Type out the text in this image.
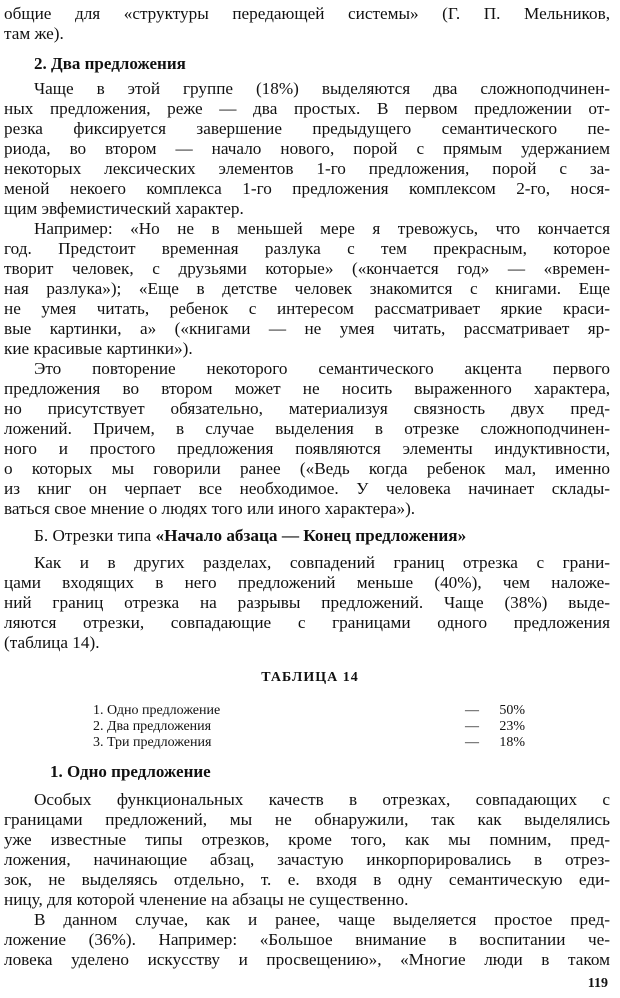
общие для «структуры передающей системы» (Г. П. Мельников,
там же).
2. Два предложения
Чаще в этой группе (18%) выделяются два сложноподчинен-
ных предложения, реже — два простых. В первом предложении от-
резка фиксируется завершение предыдущего семантического пе-
риода, во втором — начало нового, порой с прямым удержанием
некоторых лексических элементов 1-го предложения, порой с за-
меной некоего комплекса 1-го предложения комплексом 2-го, нося-
щим эвфемистический характер.
Например: «Но не в меньшей мере я тревожусь, что кончается
год. Предстоит временная разлука с тем прекрасным, которое
творит человек, с друзьями которые» («кончается год» — «времен-
ная разлука»); «Еще в детстве человек знакомится с книгами. Еще
не умея читать, ребенок с интересом рассматривает яркие краси-
вые картинки, а» («книгами — не умея читать, рассматривает яр-
кие красивые картинки»).
Это повторение некоторого семантического акцента первого
предложения во втором может не носить выраженного характера,
но присутствует обязательно, материализуя связность двух пред-
ложений. Причем, в случае выделения в отрезке сложноподчинен-
ного и простого предложения появляются элементы индуктивности,
о которых мы говорили ранее («Ведь когда ребенок мал, именно
из книг он черпает все необходимое. У человека начинает склады-
ваться свое мнение о людях того или иного характера»).
Б. Отрезки типа «Начало абзаца — Конец предложения»
Как и в других разделах, совпадений границ отрезка с грани-
цами входящих в него предложений меньше (40%), чем наложе-
ний границ отрезка на разрывы предложений. Чаще (38%) выде-
ляются отрезки, совпадающие с границами одного предложения
(таблица 14).
ТАБЛИЦА 14
1. Одно предложение	— 50%
2. Два предложения	— 23%
3. Три предложения	— 18%
1. Одно предложение
Особых функциональных качеств в отрезках, совпадающих с
границами предложений, мы не обнаружили, так как выделялись
уже известные типы отрезков, кроме того, как мы помним, пред-
ложения, начинающие абзац, зачастую инкорпорировались в отрез-
зок, не выделяясь отдельно, т. е. входя в одну семантическую еди-
ницу, для которой членение на абзацы не существенно.
В данном случае, как и ранее, чаще выделяется простое пред-
ложение (36%). Например: «Большое внимание в воспитании че-
ловека уделено искусству и просвещению», «Многие люди в таком
119
